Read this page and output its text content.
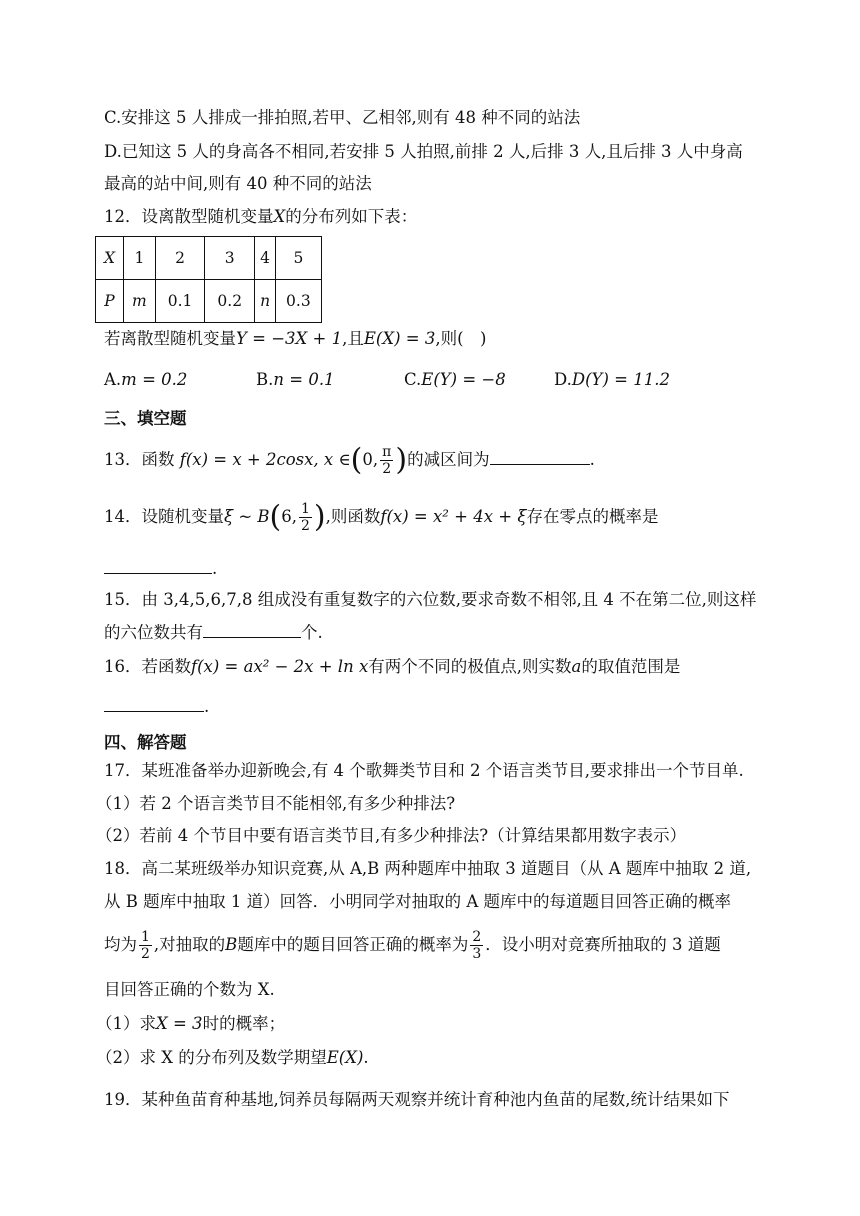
C.安排这 5 人排成一排拍照,若甲、乙相邻,则有 48 种不同的站法
D.已知这 5 人的身高各不相同,若安排 5 人拍照,前排 2 人,后排 3 人,且后排 3 人中身高
最高的站中间,则有 40 种不同的站法
12．设离散型随机变量X的分布列如下表：
X	1	2	3	4	5
P	m	0.1	0.2	n	0.3
若离散型随机变量Y = −3X + 1,且E(X) = 3,则(　)
A.m = 0.2	B.n = 0.1	C.E(Y) = −8	D.D(Y) = 11.2
三、填空题
13．函数 f(x) = x + 2cosx, x ∈(0, $\frac{\pi}{2}$ )的减区间为	.
14．设随机变量ξ ~ B(6, $\frac{1}{2}$ ),则函数f(x) = x² + 4x + ξ存在零点的概率是
.
15．由 3,4,5,6,7,8 组成没有重复数字的六位数,要求奇数不相邻,且 4 不在第二位,则这样
的六位数共有	个.
16．若函数f(x) = ax² − 2x + ln x有两个不同的极值点,则实数a的取值范围是
.
四、解答题
17．某班准备举办迎新晚会,有 4 个歌舞类节目和 2 个语言类节目,要求排出一个节目单.
（1）若 2 个语言类节目不能相邻,有多少种排法?
（2）若前 4 个节目中要有语言类节目,有多少种排法?（计算结果都用数字表示）
18．高二某班级举办知识竞赛,从 A,B 两种题库中抽取 3 道题目（从 A 题库中抽取 2 道,
从 B 题库中抽取 1 道）回答．小明同学对抽取的 A 题库中的每道题目回答正确的概率
均为 $\frac{1}{2}$ ,对抽取的B题库中的题目回答正确的概率为 $\frac{2}{3}$ ．设小明对竞赛所抽取的 3 道题
目回答正确的个数为 X.
（1）求X = 3时的概率；
（2）求 X 的分布列及数学期望E(X).
19．某种鱼苗育种基地,饲养员每隔两天观察并统计育种池内鱼苗的尾数,统计结果如下
